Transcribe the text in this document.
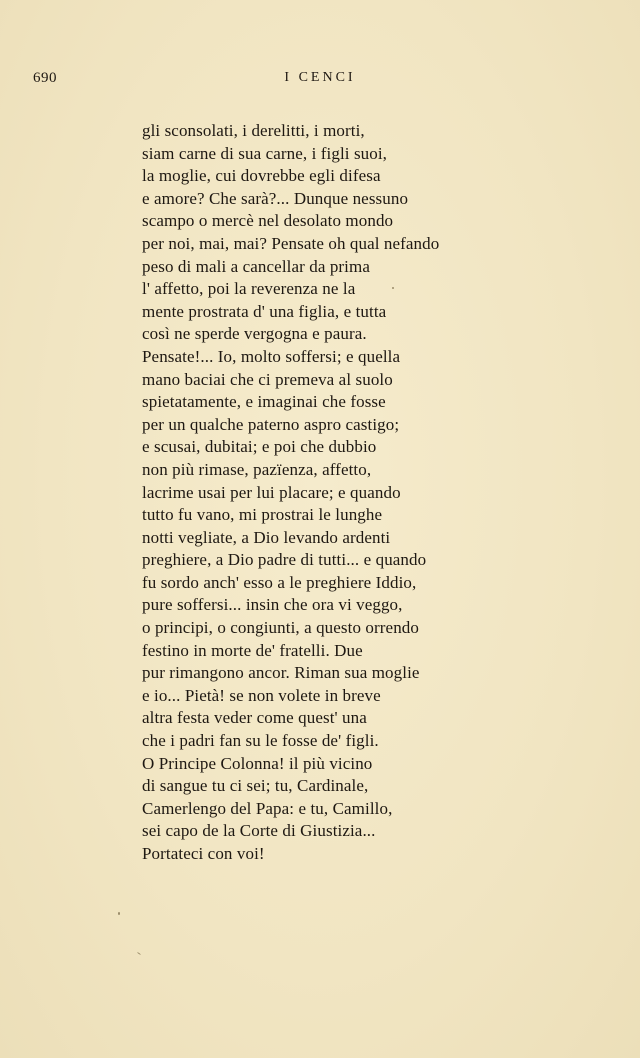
690	I CENCI
gli sconsolati, i derelitti, i morti,
siam carne di sua carne, i figli suoi,
la moglie, cui dovrebbe egli difesa
e amore? Che sarà?... Dunque nessuno
scampo o mercè nel desolato mondo
per noi, mai, mai? Pensate oh qual nefando
peso di mali a cancellar da prima
l' affetto, poi la reverenza ne la
mente prostrata d' una figlia, e tutta
così ne sperde vergogna e paura.
Pensate!... Io, molto soffersi; e quella
mano baciai che ci premeva al suolo
spietatamente, e imaginai che fosse
per un qualche paterno aspro castigo;
e scusai, dubitai; e poi che dubbio
non più rimase, pazïenza, affetto,
lacrime usai per lui placare; e quando
tutto fu vano, mi prostrai le lunghe
notti vegliate, a Dio levando ardenti
preghiere, a Dio padre di tutti... e quando
fu sordo anch' esso a le preghiere Iddio,
pure soffersi... insin che ora vi veggo,
o principi, o congiunti, a questo orrendo
festino in morte de' fratelli. Due
pur rimangono ancor. Riman sua moglie
e io... Pietà! se non volete in breve
altra festa veder come quest' una
che i padri fan su le fosse de' figli.
O Principe Colonna! il più vicino
di sangue tu ci sei; tu, Cardinale,
Camerlengo del Papa: e tu, Camillo,
sei capo de la Corte di Giustizia...
Portateci con voi!
